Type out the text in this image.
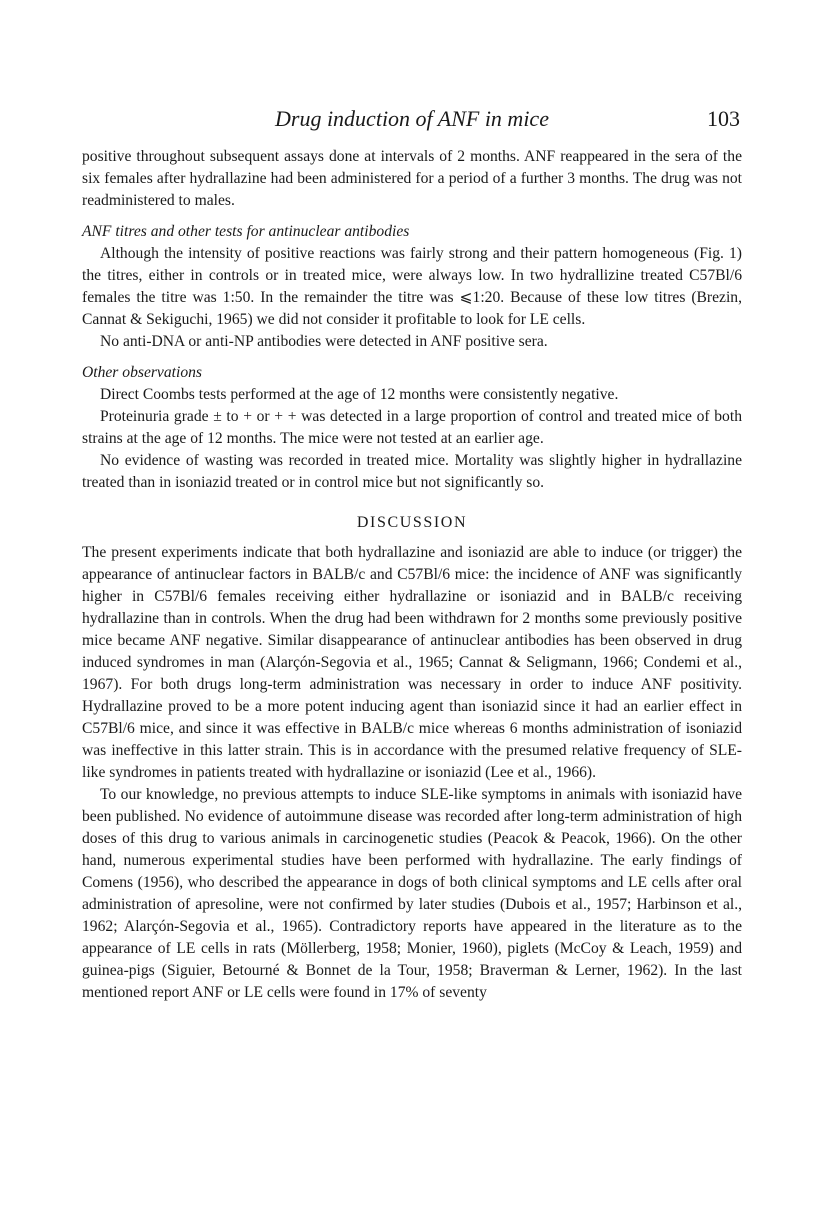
Drug induction of ANF in mice	103

positive throughout subsequent assays done at intervals of 2 months. ANF reappeared in the sera of the six females after hydrallazine had been administered for a period of a further 3 months. The drug was not readministered to males.

ANF titres and other tests for antinuclear antibodies

Although the intensity of positive reactions was fairly strong and their pattern homogeneous (Fig. 1) the titres, either in controls or in treated mice, were always low. In two hydrallizine treated C57Bl/6 females the titre was 1:50. In the remainder the titre was ⩽1:20. Because of these low titres (Brezin, Cannat & Sekiguchi, 1965) we did not consider it profitable to look for LE cells.

No anti-DNA or anti-NP antibodies were detected in ANF positive sera.

Other observations

Direct Coombs tests performed at the age of 12 months were consistently negative.

Proteinuria grade ± to + or + + was detected in a large proportion of control and treated mice of both strains at the age of 12 months. The mice were not tested at an earlier age.

No evidence of wasting was recorded in treated mice. Mortality was slightly higher in hydrallazine treated than in isoniazid treated or in control mice but not significantly so.

DISCUSSION

The present experiments indicate that both hydrallazine and isoniazid are able to induce (or trigger) the appearance of antinuclear factors in BALB/c and C57Bl/6 mice: the incidence of ANF was significantly higher in C57Bl/6 females receiving either hydrallazine or isoniazid and in BALB/c receiving hydrallazine than in controls. When the drug had been withdrawn for 2 months some previously positive mice became ANF negative. Similar disappearance of antinuclear antibodies has been observed in drug induced syndromes in man (Alarçón-Segovia et al., 1965; Cannat & Seligmann, 1966; Condemi et al., 1967). For both drugs long-term administration was necessary in order to induce ANF positivity. Hydrallazine proved to be a more potent inducing agent than isoniazid since it had an earlier effect in C57Bl/6 mice, and since it was effective in BALB/c mice whereas 6 months administration of isoniazid was ineffective in this latter strain. This is in accordance with the presumed relative frequency of SLE-like syndromes in patients treated with hydrallazine or isoniazid (Lee et al., 1966).

To our knowledge, no previous attempts to induce SLE-like symptoms in animals with isoniazid have been published. No evidence of autoimmune disease was recorded after long-term administration of high doses of this drug to various animals in carcinogenetic studies (Peacok & Peacok, 1966). On the other hand, numerous experimental studies have been performed with hydrallazine. The early findings of Comens (1956), who described the appearance in dogs of both clinical symptoms and LE cells after oral administration of apresoline, were not confirmed by later studies (Dubois et al., 1957; Harbinson et al., 1962; Alarçón-Segovia et al., 1965). Contradictory reports have appeared in the literature as to the appearance of LE cells in rats (Möllerberg, 1958; Monier, 1960), piglets (McCoy & Leach, 1959) and guinea-pigs (Siguier, Betourné & Bonnet de la Tour, 1958; Braverman & Lerner, 1962). In the last mentioned report ANF or LE cells were found in 17% of seventy
